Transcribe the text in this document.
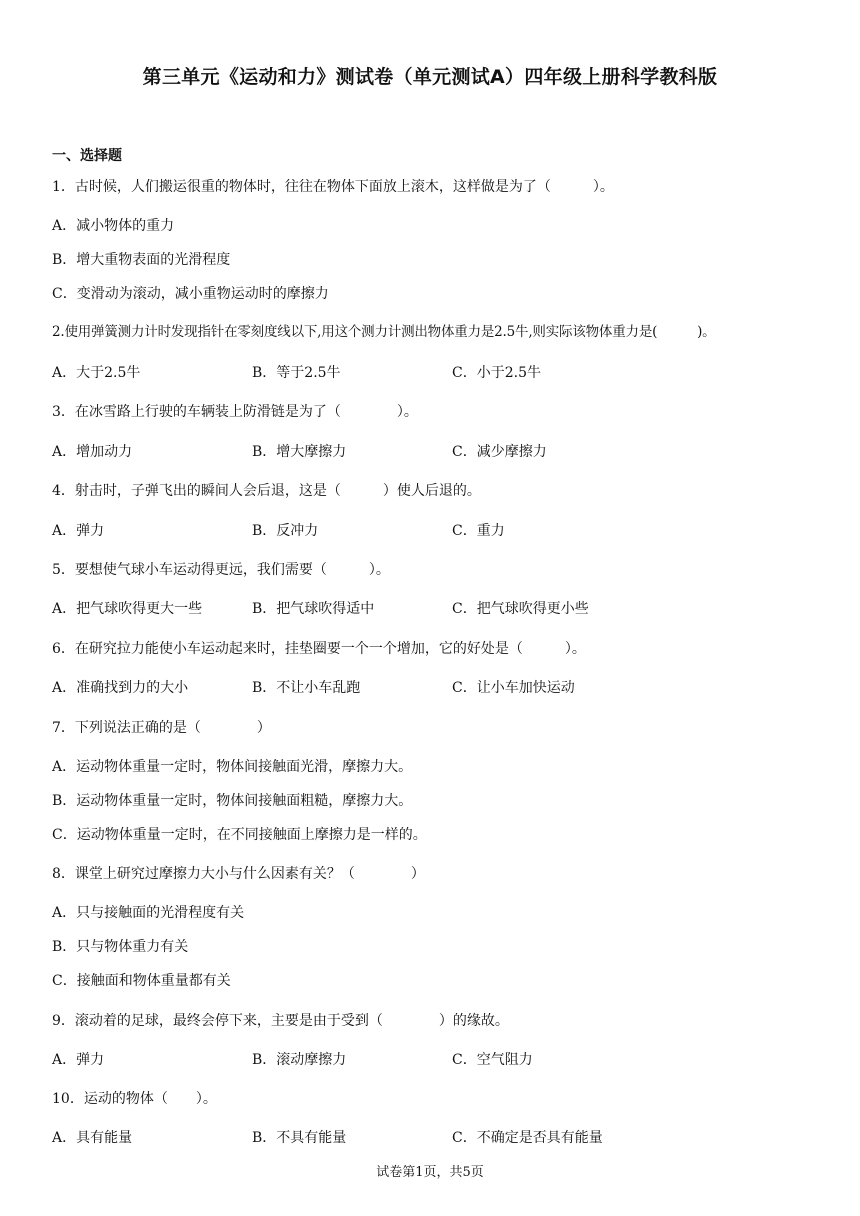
第三单元《运动和力》测试卷（单元测试A）四年级上册科学教科版
一、选择题
1．古时候，人们搬运很重的物体时，往往在物体下面放上滚木，这样做是为了（　　　）。
A．减小物体的重力
B．增大重物表面的光滑程度
C．变滑动为滚动，减小重物运动时的摩擦力
2.使用弹簧测力计时发现指针在零刻度线以下,用这个测力计测出物体重力是2.5牛,则实际该物体重力是(　　　)。
A．大于2.5牛	B．等于2.5牛	C．小于2.5牛
3．在冰雪路上行驶的车辆装上防滑链是为了（　　　　）。
A．增加动力	B．增大摩擦力	C．减少摩擦力
4．射击时，子弹飞出的瞬间人会后退，这是（　　　）使人后退的。
A．弹力	B．反冲力	C．重力
5．要想使气球小车运动得更远，我们需要（　　　）。
A．把气球吹得更大一些	B．把气球吹得适中	C．把气球吹得更小些
6．在研究拉力能使小车运动起来时，挂垫圈要一个一个增加，它的好处是（　　　）。
A．准确找到力的大小	B．不让小车乱跑	C．让小车加快运动
7．下列说法正确的是（　　　　）
A．运动物体重量一定时，物体间接触面光滑，摩擦力大。
B．运动物体重量一定时，物体间接触面粗糙，摩擦力大。
C．运动物体重量一定时，在不同接触面上摩擦力是一样的。
8．课堂上研究过摩擦力大小与什么因素有关？（　　　　）
A．只与接触面的光滑程度有关
B．只与物体重力有关
C．接触面和物体重量都有关
9．滚动着的足球，最终会停下来，主要是由于受到（　　　　）的缘故。
A．弹力	B．滚动摩擦力	C．空气阻力
10．运动的物体（　　）。
A．具有能量	B．不具有能量	C．不确定是否具有能量
试卷第1页，共5页
